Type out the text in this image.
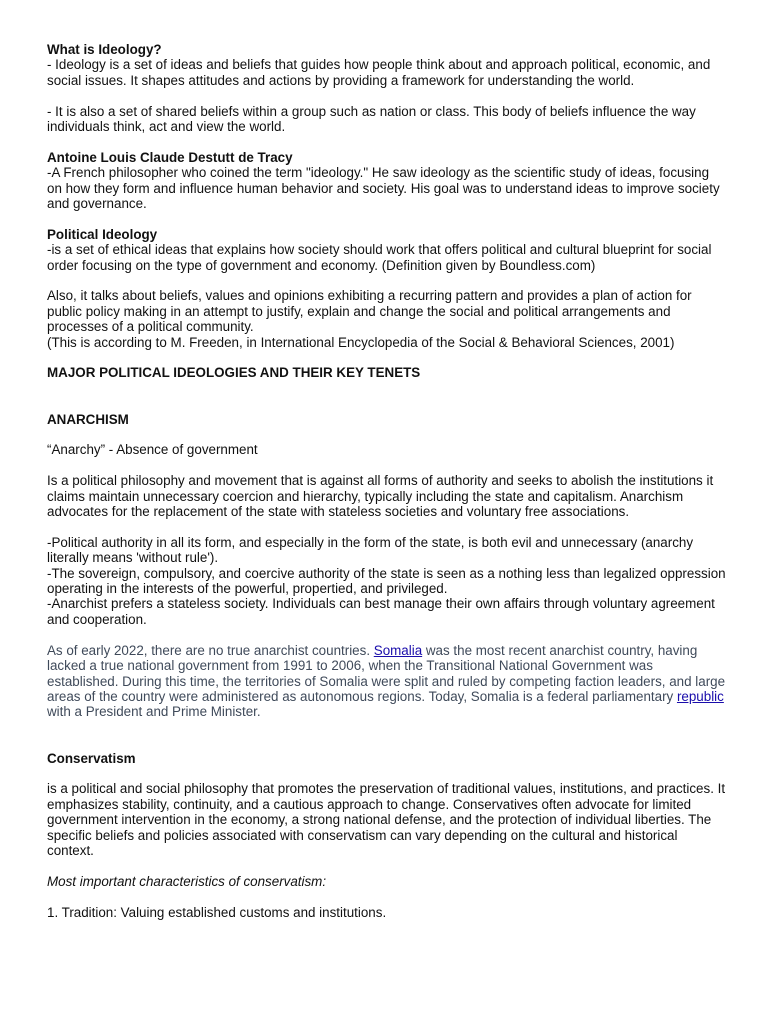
What is Ideology?

- Ideology is a set of ideas and beliefs that guides how people think about and approach political, economic, and social issues. It shapes attitudes and actions by providing a framework for understanding the world.

- It is also a set of shared beliefs within a group such as nation or class. This body of beliefs influence the way individuals think, act and view the world.

Antoine Louis Claude Destutt de Tracy

-A French philosopher who coined the term "ideology." He saw ideology as the scientific study of ideas, focusing on how they form and influence human behavior and society. His goal was to understand ideas to improve society and governance.

Political Ideology

-is a set of ethical ideas that explains how society should work that offers political and cultural blueprint for social order focusing on the type of government and economy. (Definition given by Boundless.com)

Also, it talks about beliefs, values and opinions exhibiting a recurring pattern and provides a plan of action for public policy making in an attempt to justify, explain and change the social and political arrangements and processes of a political community.

(This is according to M. Freeden, in International Encyclopedia of the Social & Behavioral Sciences, 2001)

MAJOR POLITICAL IDEOLOGIES AND THEIR KEY TENETS

ANARCHISM

“Anarchy” - Absence of government

Is a political philosophy and movement that is against all forms of authority and seeks to abolish the institutions it claims maintain unnecessary coercion and hierarchy, typically including the state and capitalism. Anarchism advocates for the replacement of the state with stateless societies and voluntary free associations.

-Political authority in all its form, and especially in the form of the state, is both evil and unnecessary (anarchy literally means 'without rule').

-The sovereign, compulsory, and coercive authority of the state is seen as a nothing less than legalized oppression operating in the interests of the powerful, propertied, and privileged.

-Anarchist prefers a stateless society. Individuals can best manage their own affairs through voluntary agreement and cooperation.

As of early 2022, there are no true anarchist countries. Somalia was the most recent anarchist country, having lacked a true national government from 1991 to 2006, when the Transitional National Government was established. During this time, the territories of Somalia were split and ruled by competing faction leaders, and large areas of the country were administered as autonomous regions. Today, Somalia is a federal parliamentary republic with a President and Prime Minister.

Conservatism

is a political and social philosophy that promotes the preservation of traditional values, institutions, and practices. It emphasizes stability, continuity, and a cautious approach to change. Conservatives often advocate for limited government intervention in the economy, a strong national defense, and the protection of individual liberties. The specific beliefs and policies associated with conservatism can vary depending on the cultural and historical context.

Most important characteristics of conservatism:

1. Tradition: Valuing established customs and institutions.
